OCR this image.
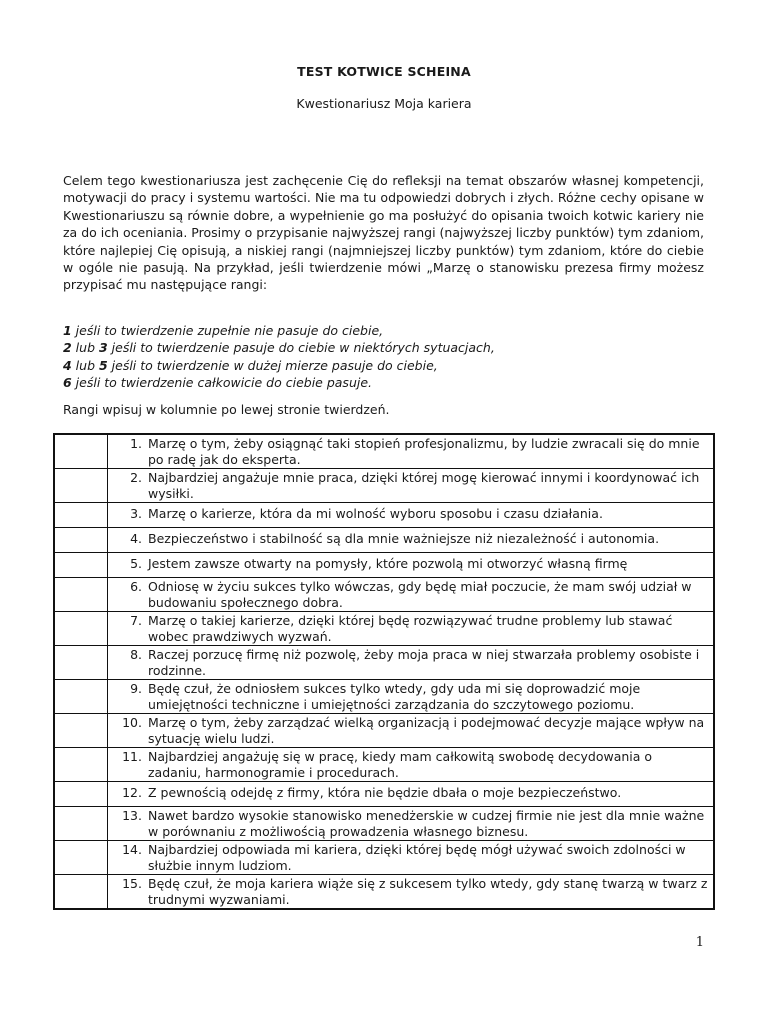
TEST KOTWICE SCHEINA
Kwestionariusz Moja kariera

Celem tego kwestionariusza jest zachęcenie Cię do refleksji na temat obszarów własnej kompetencji, motywacji do pracy i systemu wartości. Nie ma tu odpowiedzi dobrych i złych. Różne cechy opisane w Kwestionariuszu są równie dobre, a wypełnienie go ma posłużyć do opisania twoich kotwic kariery nie za do ich oceniania. Prosimy o przypisanie najwyższej rangi (najwyższej liczby punktów) tym zdaniom, które najlepiej Cię opisują, a niskiej rangi (najmniejszej liczby punktów) tym zdaniom, które do ciebie w ogóle nie pasują. Na przykład, jeśli twierdzenie mówi „Marzę o stanowisku prezesa firmy możesz przypisać mu następujące rangi:

1 jeśli to twierdzenie zupełnie nie pasuje do ciebie,
2 lub 3 jeśli to twierdzenie pasuje do ciebie w niektórych sytuacjach,
4 lub 5 jeśli to twierdzenie w dużej mierze pasuje do ciebie,
6 jeśli to twierdzenie całkowicie do ciebie pasuje.
Rangi wpisuj w kolumnie po lewej stronie twierdzeń.

	1. Marzę o tym, żeby osiągnąć taki stopień profesjonalizmu, by ludzie zwracali się do mnie po radę jak do eksperta.

	2. Najbardziej angażuje mnie praca, dzięki której mogę kierować innymi i koordynować ich wysiłki.

	3. Marzę o karierze, która da mi wolność wyboru sposobu i czasu działania.

	4. Bezpieczeństwo i stabilność są dla mnie ważniejsze niż niezależność i autonomia.

	5. Jestem zawsze otwarty na pomysły, które pozwolą mi otworzyć własną firmę

	6. Odniosę w życiu sukces tylko wówczas, gdy będę miał poczucie, że mam swój udział w budowaniu społecznego dobra.

	7. Marzę o takiej karierze, dzięki której będę rozwiązywać trudne problemy lub stawać wobec prawdziwych wyzwań.

	8. Raczej porzucę firmę niż pozwolę, żeby moja praca w niej stwarzała problemy osobiste i rodzinne.

	9. Będę czuł, że odniosłem sukces tylko wtedy, gdy uda mi się doprowadzić moje umiejętności techniczne i umiejętności zarządzania do szczytowego poziomu.

	10. Marzę o tym, żeby zarządzać wielką organizacją i podejmować decyzje mające wpływ na sytuację wielu ludzi.

	11. Najbardziej angażuję się w pracę, kiedy mam całkowitą swobodę decydowania o zadaniu, harmonogramie i procedurach.

	12. Z pewnością odejdę z firmy, która nie będzie dbała o moje bezpieczeństwo.

	13. Nawet bardzo wysokie stanowisko menedżerskie w cudzej firmie nie jest dla mnie ważne w porównaniu z możliwością prowadzenia własnego biznesu.

	14. Najbardziej odpowiada mi kariera, dzięki której będę mógł używać swoich zdolności w służbie innym ludziom.

	15. Będę czuł, że moja kariera wiąże się z sukcesem tylko wtedy, gdy stanę twarzą w twarz z trudnymi wyzwaniami.
1
